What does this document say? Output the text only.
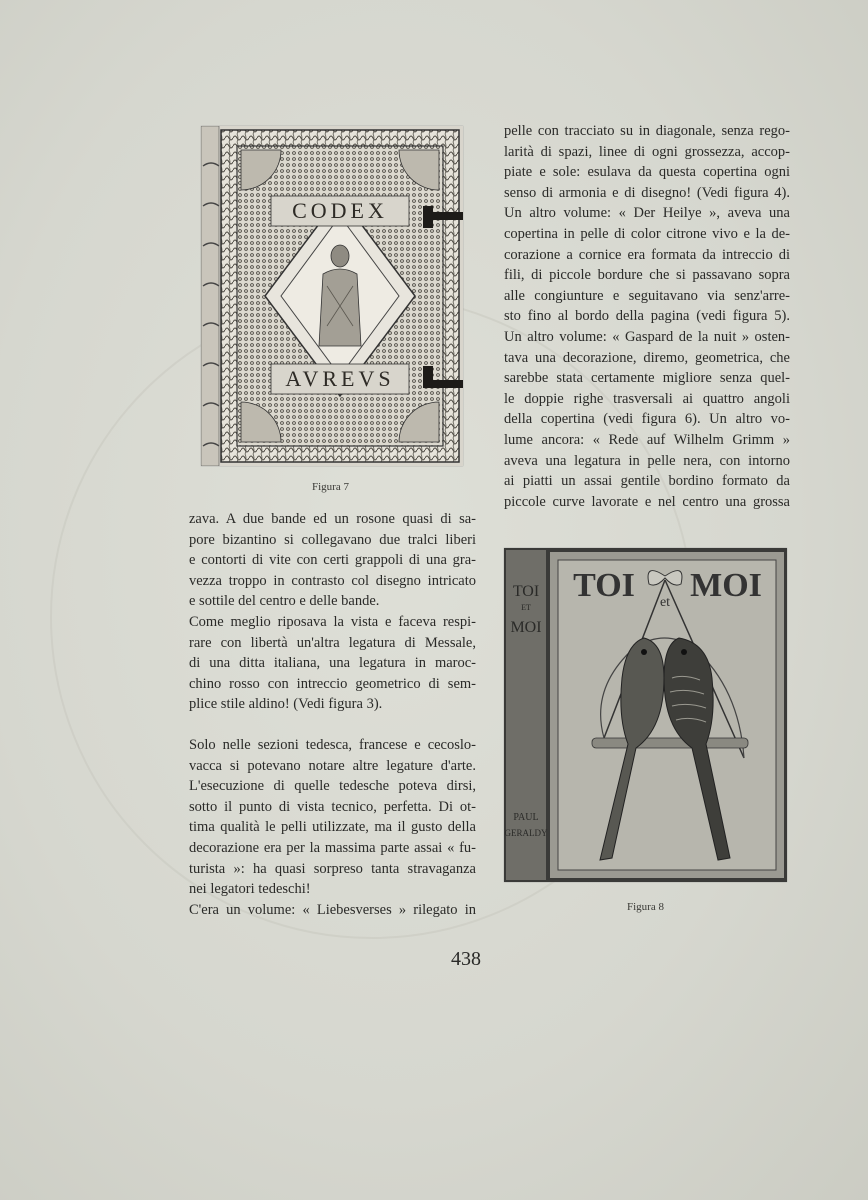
CODEX
AVREVS
Figura 7
TOI
ET
MOI
PAUL
GERALDY
TOI MOI
et
Figura 8
pelle con tracciato su in diagonale, senza rego-
larità di spazi, linee di ogni grossezza, accop-
piate e sole: esulava da questa copertina ogni
senso di armonia e di disegno! (Vedi figura 4).
Un altro volume: « Der Heilye », aveva una
copertina in pelle di color citrone vivo e la de-
corazione a cornice era formata da intreccio di
fili, di piccole bordure che si passavano sopra
alle congiunture e seguitavano via senz'arre-
sto fino al bordo della pagina (vedi figura 5).
Un altro volume: « Gaspard de la nuit » osten-
tava una decorazione, diremo, geometrica, che
sarebbe stata certamente migliore senza quel-
le doppie righe trasversali ai quattro angoli
della copertina (vedi figura 6). Un altro vo-
lume ancora: « Rede auf Wilhelm Grimm »
aveva una legatura in pelle nera, con intorno
ai piatti un assai gentile bordino formato da
piccole curve lavorate e nel centro una grossa
zava. A due bande ed un rosone quasi di sa-
pore bizantino si collegavano due tralci liberi
e contorti di vite con certi grappoli di una gra-
vezza troppo in contrasto col disegno intricato
e sottile del centro e delle bande.
Come meglio riposava la vista e faceva respi-
rare con libertà un'altra legatura di Messale,
di una ditta italiana, una legatura in maroc-
chino rosso con intreccio geometrico di sem-
plice stile aldino! (Vedi figura 3).
Solo nelle sezioni tedesca, francese e cecoslo-
vacca si potevano notare altre legature d'arte.
L'esecuzione di quelle tedesche poteva dirsi,
sotto il punto di vista tecnico, perfetta. Di ot-
tima qualità le pelli utilizzate, ma il gusto della
decorazione era per la massima parte assai « fu-
turista »: ha quasi sorpreso tanta stravaganza
nei legatori tedeschi!
C'era un volume: « Liebesverses » rilegato in
438
